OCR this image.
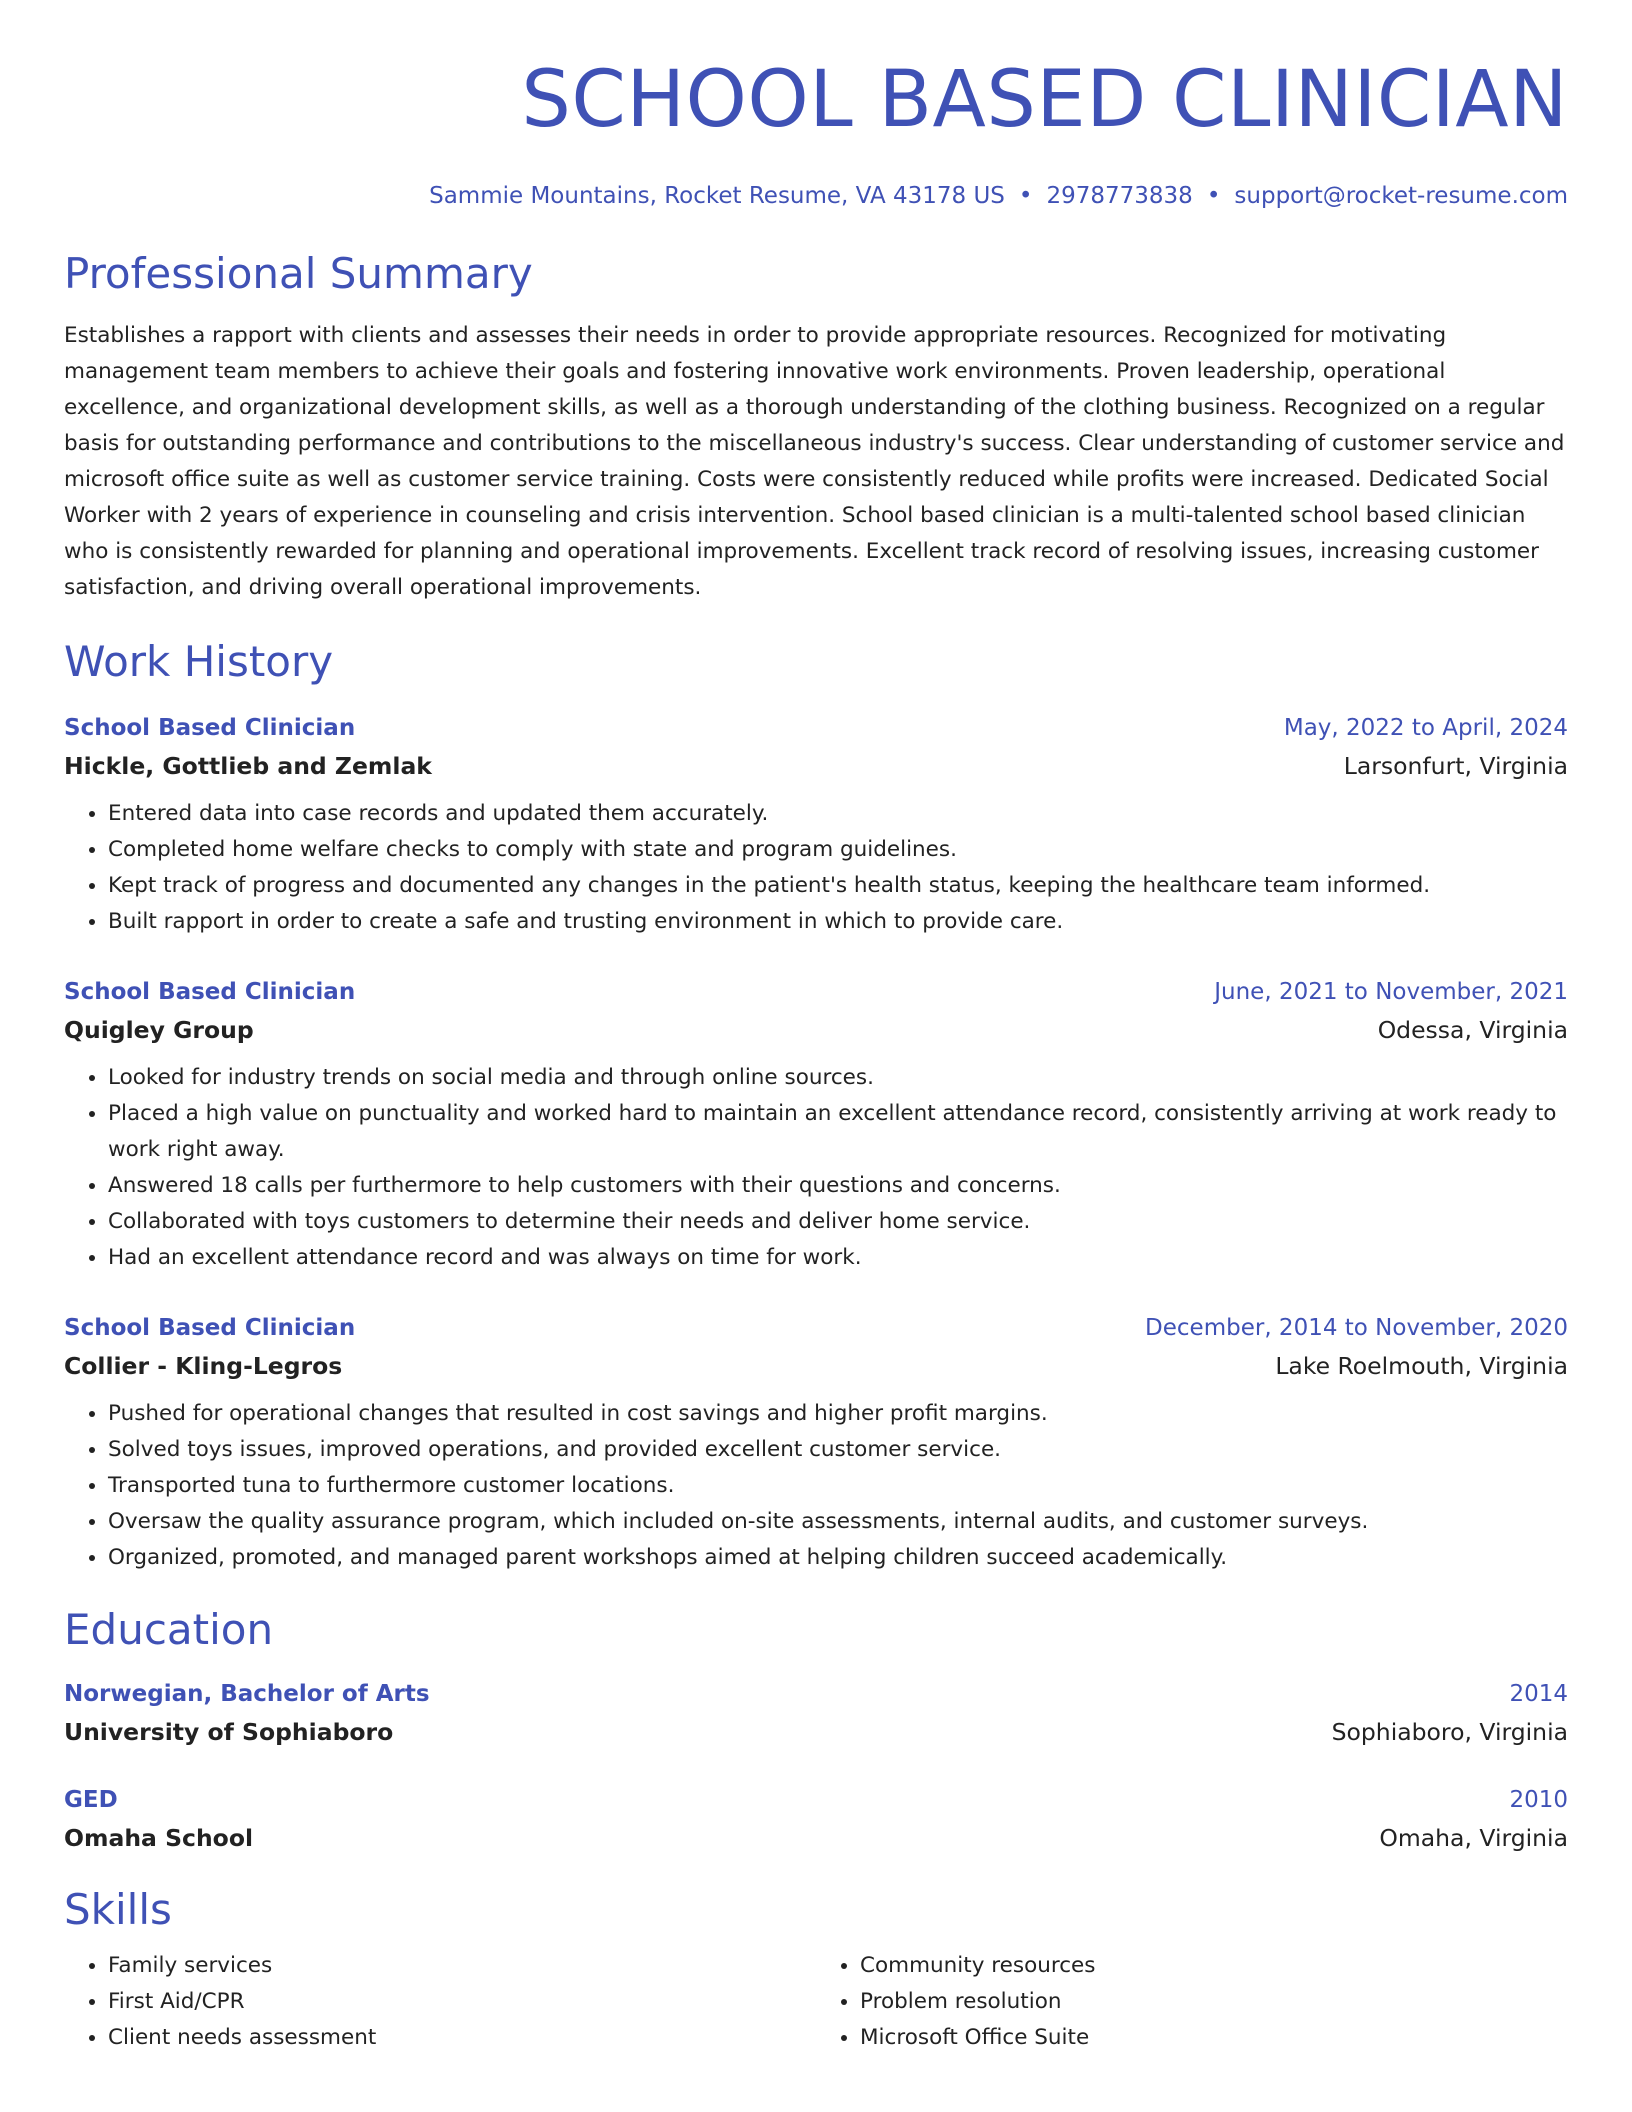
SCHOOL BASED CLINICIAN
Sammie Mountains, Rocket Resume, VA 43178 US • 2978773838 • support@rocket-resume.com
Professional Summary
Establishes a rapport with clients and assesses their needs in order to provide appropriate resources. Recognized for motivating management team members to achieve their goals and fostering innovative work environments. Proven leadership, operational excellence, and organizational development skills, as well as a thorough understanding of the clothing business. Recognized on a regular basis for outstanding performance and contributions to the miscellaneous industry's success. Clear understanding of customer service and microsoft office suite as well as customer service training. Costs were consistently reduced while profits were increased. Dedicated Social Worker with 2 years of experience in counseling and crisis intervention. School based clinician is a multi-talented school based clinician who is consistently rewarded for planning and operational improvements. Excellent track record of resolving issues, increasing customer satisfaction, and driving overall operational improvements.
Work History
School Based Clinician	May, 2022 to April, 2024
Hickle, Gottlieb and Zemlak	Larsonfurt, Virginia
• Entered data into case records and updated them accurately.
• Completed home welfare checks to comply with state and program guidelines.
• Kept track of progress and documented any changes in the patient's health status, keeping the healthcare team informed.
• Built rapport in order to create a safe and trusting environment in which to provide care.
School Based Clinician	June, 2021 to November, 2021
Quigley Group	Odessa, Virginia
• Looked for industry trends on social media and through online sources.
• Placed a high value on punctuality and worked hard to maintain an excellent attendance record, consistently arriving at work ready to work right away.
• Answered 18 calls per furthermore to help customers with their questions and concerns.
• Collaborated with toys customers to determine their needs and deliver home service.
• Had an excellent attendance record and was always on time for work.
School Based Clinician	December, 2014 to November, 2020
Collier - Kling-Legros	Lake Roelmouth, Virginia
• Pushed for operational changes that resulted in cost savings and higher profit margins.
• Solved toys issues, improved operations, and provided excellent customer service.
• Transported tuna to furthermore customer locations.
• Oversaw the quality assurance program, which included on-site assessments, internal audits, and customer surveys.
• Organized, promoted, and managed parent workshops aimed at helping children succeed academically.
Education
Norwegian, Bachelor of Arts	2014
University of Sophiaboro	Sophiaboro, Virginia
GED	2010
Omaha School	Omaha, Virginia
Skills
• Family services
• First Aid/CPR
• Client needs assessment
• Community resources
• Problem resolution
• Microsoft Office Suite
